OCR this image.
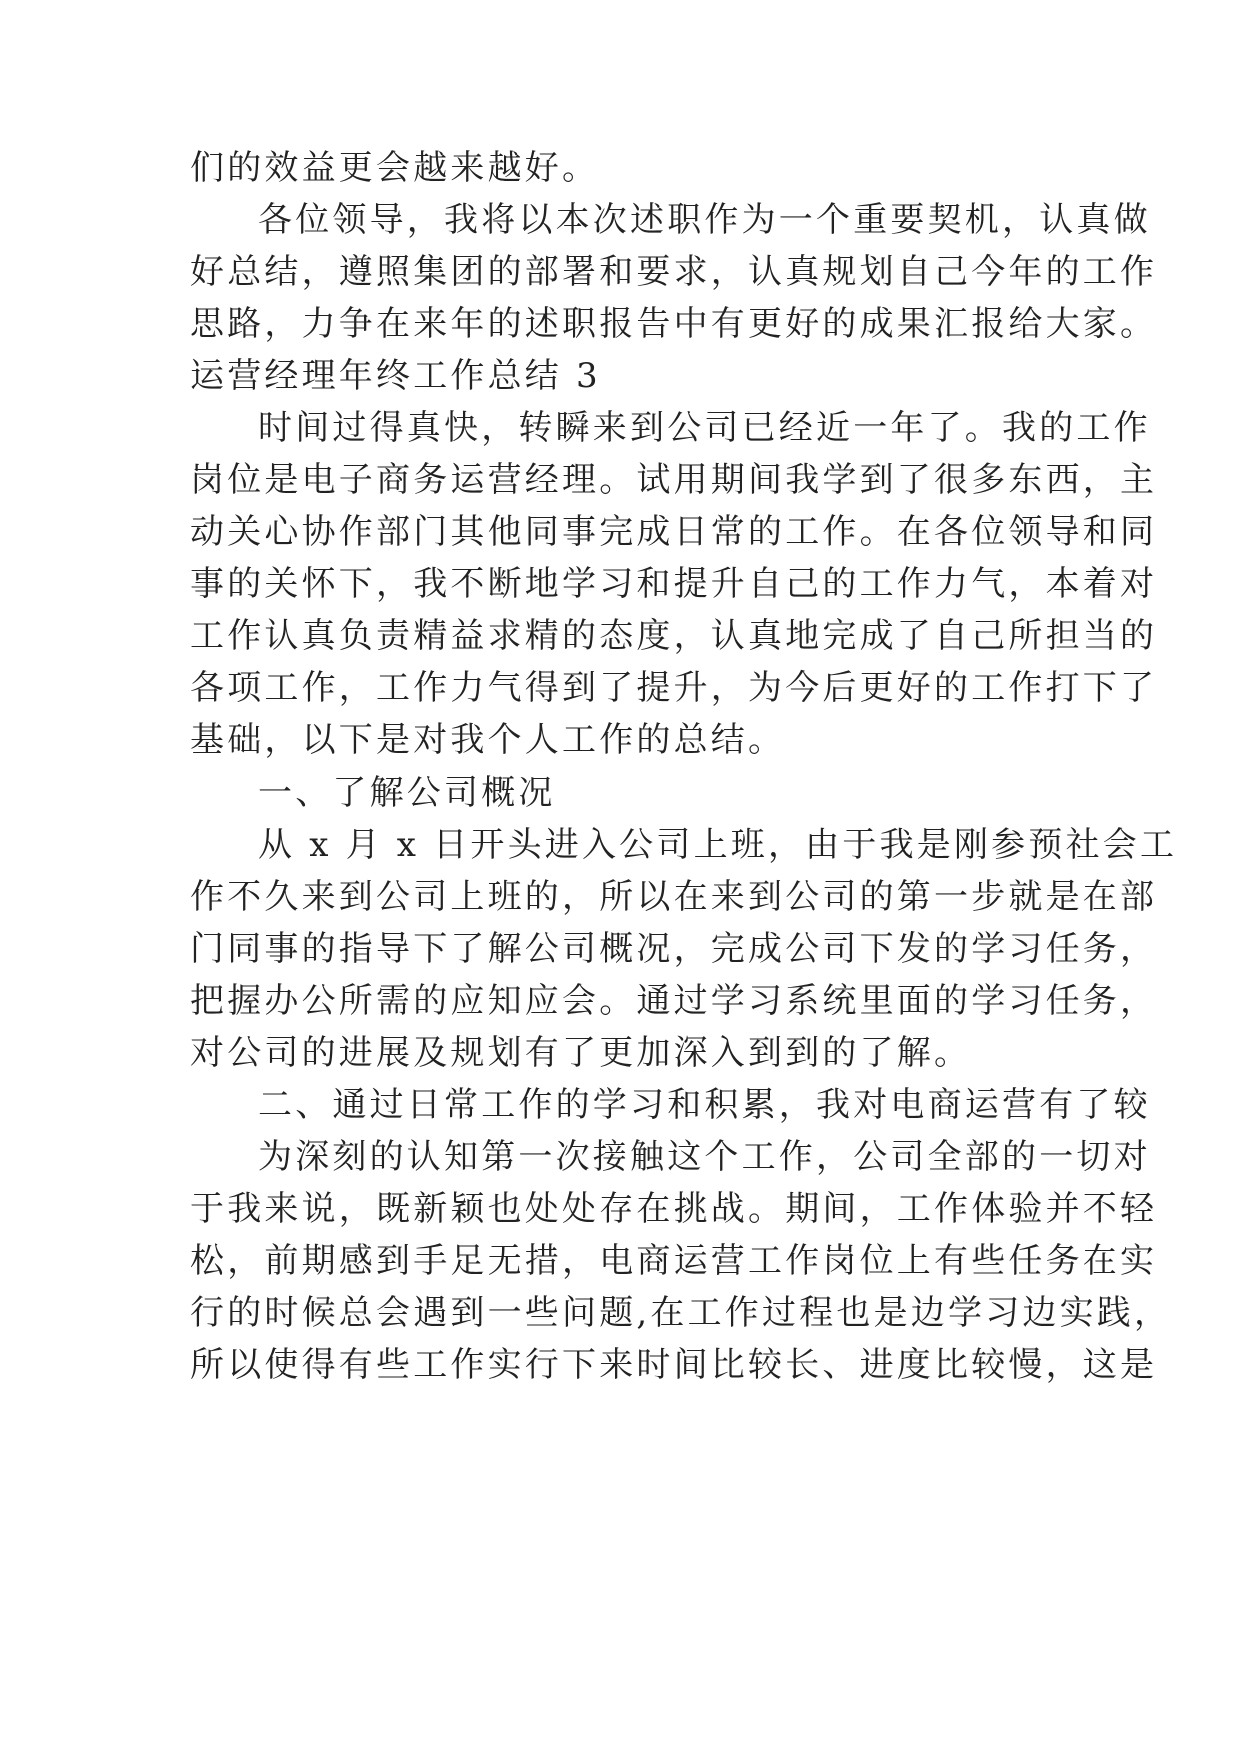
们的效益更会越来越好。
各位领导，我将以本次述职作为一个重要契机，认真做
好总结，遵照集团的部署和要求，认真规划自己今年的工作
思路，力争在来年的述职报告中有更好的成果汇报给大家。
运营经理年终工作总结 3
时间过得真快，转瞬来到公司已经近一年了。我的工作
岗位是电子商务运营经理。试用期间我学到了很多东西，主
动关心协作部门其他同事完成日常的工作。在各位领导和同
事的关怀下，我不断地学习和提升自己的工作力气，本着对
工作认真负责精益求精的态度，认真地完成了自己所担当的
各项工作，工作力气得到了提升，为今后更好的工作打下了
基础，以下是对我个人工作的总结。
一、了解公司概况
从 x 月 x 日开头进入公司上班，由于我是刚参预社会工
作不久来到公司上班的，所以在来到公司的第一步就是在部
门同事的指导下了解公司概况，完成公司下发的学习任务，
把握办公所需的应知应会。通过学习系统里面的学习任务，
对公司的进展及规划有了更加深入到到的了解。
二、通过日常工作的学习和积累，我对电商运营有了较
为深刻的认知第一次接触这个工作，公司全部的一切对
于我来说，既新颖也处处存在挑战。期间，工作体验并不轻
松，前期感到手足无措，电商运营工作岗位上有些任务在实
行的时候总会遇到一些问题,在工作过程也是边学习边实践，
所以使得有些工作实行下来时间比较长、进度比较慢，这是
